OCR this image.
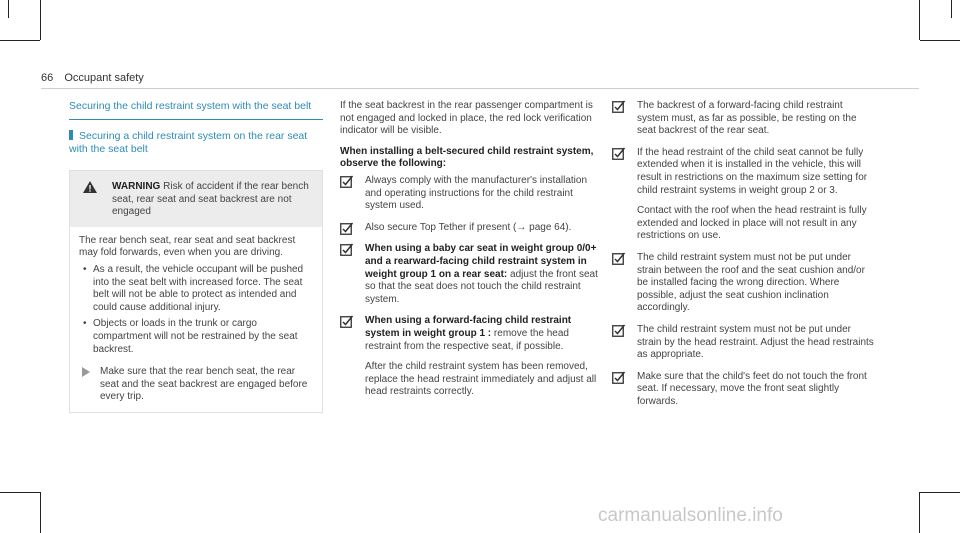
66 Occupant safety
Securing the child restraint system with the seat belt
Securing a child restraint system on the rear seat with the seat belt
WARNING Risk of accident if the rear bench seat, rear seat and seat backrest are not engaged

The rear bench seat, rear seat and seat backrest may fold forwards, even when you are driving.

• As a result, the vehicle occupant will be pushed into the seat belt with increased force. The seat belt will not be able to protect as intended and could cause additional injury.
• Objects or loads in the trunk or cargo compartment will not be restrained by the seat backrest.
Make sure that the rear bench seat, the rear seat and the seat backrest are engaged before every trip.

If the seat backrest in the rear passenger compartment is not engaged and locked in place, the red lock verification indicator will be visible.

When installing a belt-secured child restraint system, observe the following:

Always comply with the manufacturer's installation and operating instructions for the child restraint system used.
Also secure Top Tether if present (→ page 64).
When using a baby car seat in weight group 0/0+ and a rearward-facing child restraint system in weight group 1 on a rear seat: adjust the front seat so that the seat does not touch the child restraint system.
When using a forward-facing child restraint system in weight group 1 : remove the head restraint from the respective seat, if possible.

After the child restraint system has been removed, replace the head restraint immediately and adjust all head restraints correctly.

The backrest of a forward-facing child restraint system must, as far as possible, be resting on the seat backrest of the rear seat.
If the head restraint of the child seat cannot be fully extended when it is installed in the vehicle, this will result in restrictions on the maximum size setting for child restraint systems in weight group 2 or 3.

Contact with the roof when the head restraint is fully extended and locked in place will not result in any restrictions on use.

The child restraint system must not be put under strain between the roof and the seat cushion and/or be installed facing the wrong direction. Where possible, adjust the seat cushion inclination accordingly.
The child restraint system must not be put under strain by the head restraint. Adjust the head restraints as appropriate.
Make sure that the child's feet do not touch the front seat. If necessary, move the front seat slightly forwards.
carmanualsonline.info
